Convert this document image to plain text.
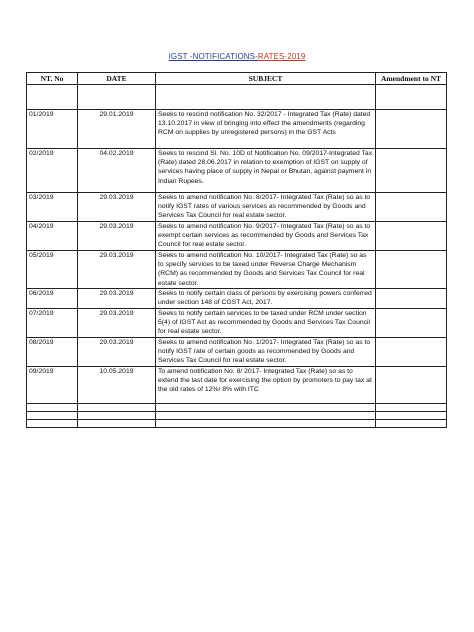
IGST -NOTIFICATIONS-RATES-2019
NT. No	DATE	SUBJECT	Amendment to NT

01/2019	29.01.2019	Seeks to rescind notification No. 32/2017 - Integrated Tax (Rate) dated 13.10.2017 in view of bringing into effect the amendments (regarding RCM on supplies by unregistered persons) in the GST Acts	
02/2019	04.02.2019	Seeks to rescind Sl. No. 10D of Notification No. 09/2017-Integrated Tax (Rate) dated 28.06.2017 in relation to exemption of IGST on supply of services having place of supply in Nepal or Bhutan, against payment in Indian Rupees.	
03/2019	29.03.2019	Seeks to amend notification No. 8/2017- Integrated Tax (Rate) so as to notify IGST rates of various services as recommended by Goods and Services Tax Council for real estate sector.	
04/2019	29.03.2019	Seeks to amend notification No. 9/2017- Integrated Tax (Rate) so as to exempt certain services as recommended by Goods and Services Tax Council for real estate sector.	
05/2019	29.03.2019	Seeks to amend notification No. 10/2017- Integrated Tax (Rate) so as to specify services to be taxed under Reverse Charge Mechanism (RCM) as recommended by Goods and Services Tax Council for real estate sector.	
06/2019	29.03.2019	Seeks to notify certain class of persons by exercising powers conferred under section 148 of CGST Act, 2017.	
07/2019	29.03.2019	Seeks to notify certain services to be taxed under RCM under section 5(4) of IGST Act as recommended by Goods and Services Tax Council for real estate sector.	
08/2019	29.03.2019	Seeks to amend notification No. 1/2017- Integrated Tax (Rate) so as to notify IGST rate of certain goods as recommended by Goods and Services Tax Council for real estate sector.	
09/2019	10.05.2019	To amend notification No. 8/ 2017- Integrated Tax (Rate) so as to extend the last date for exercising the option by promoters to pay tax at the old rates of 12%/ 8% with ITC	
